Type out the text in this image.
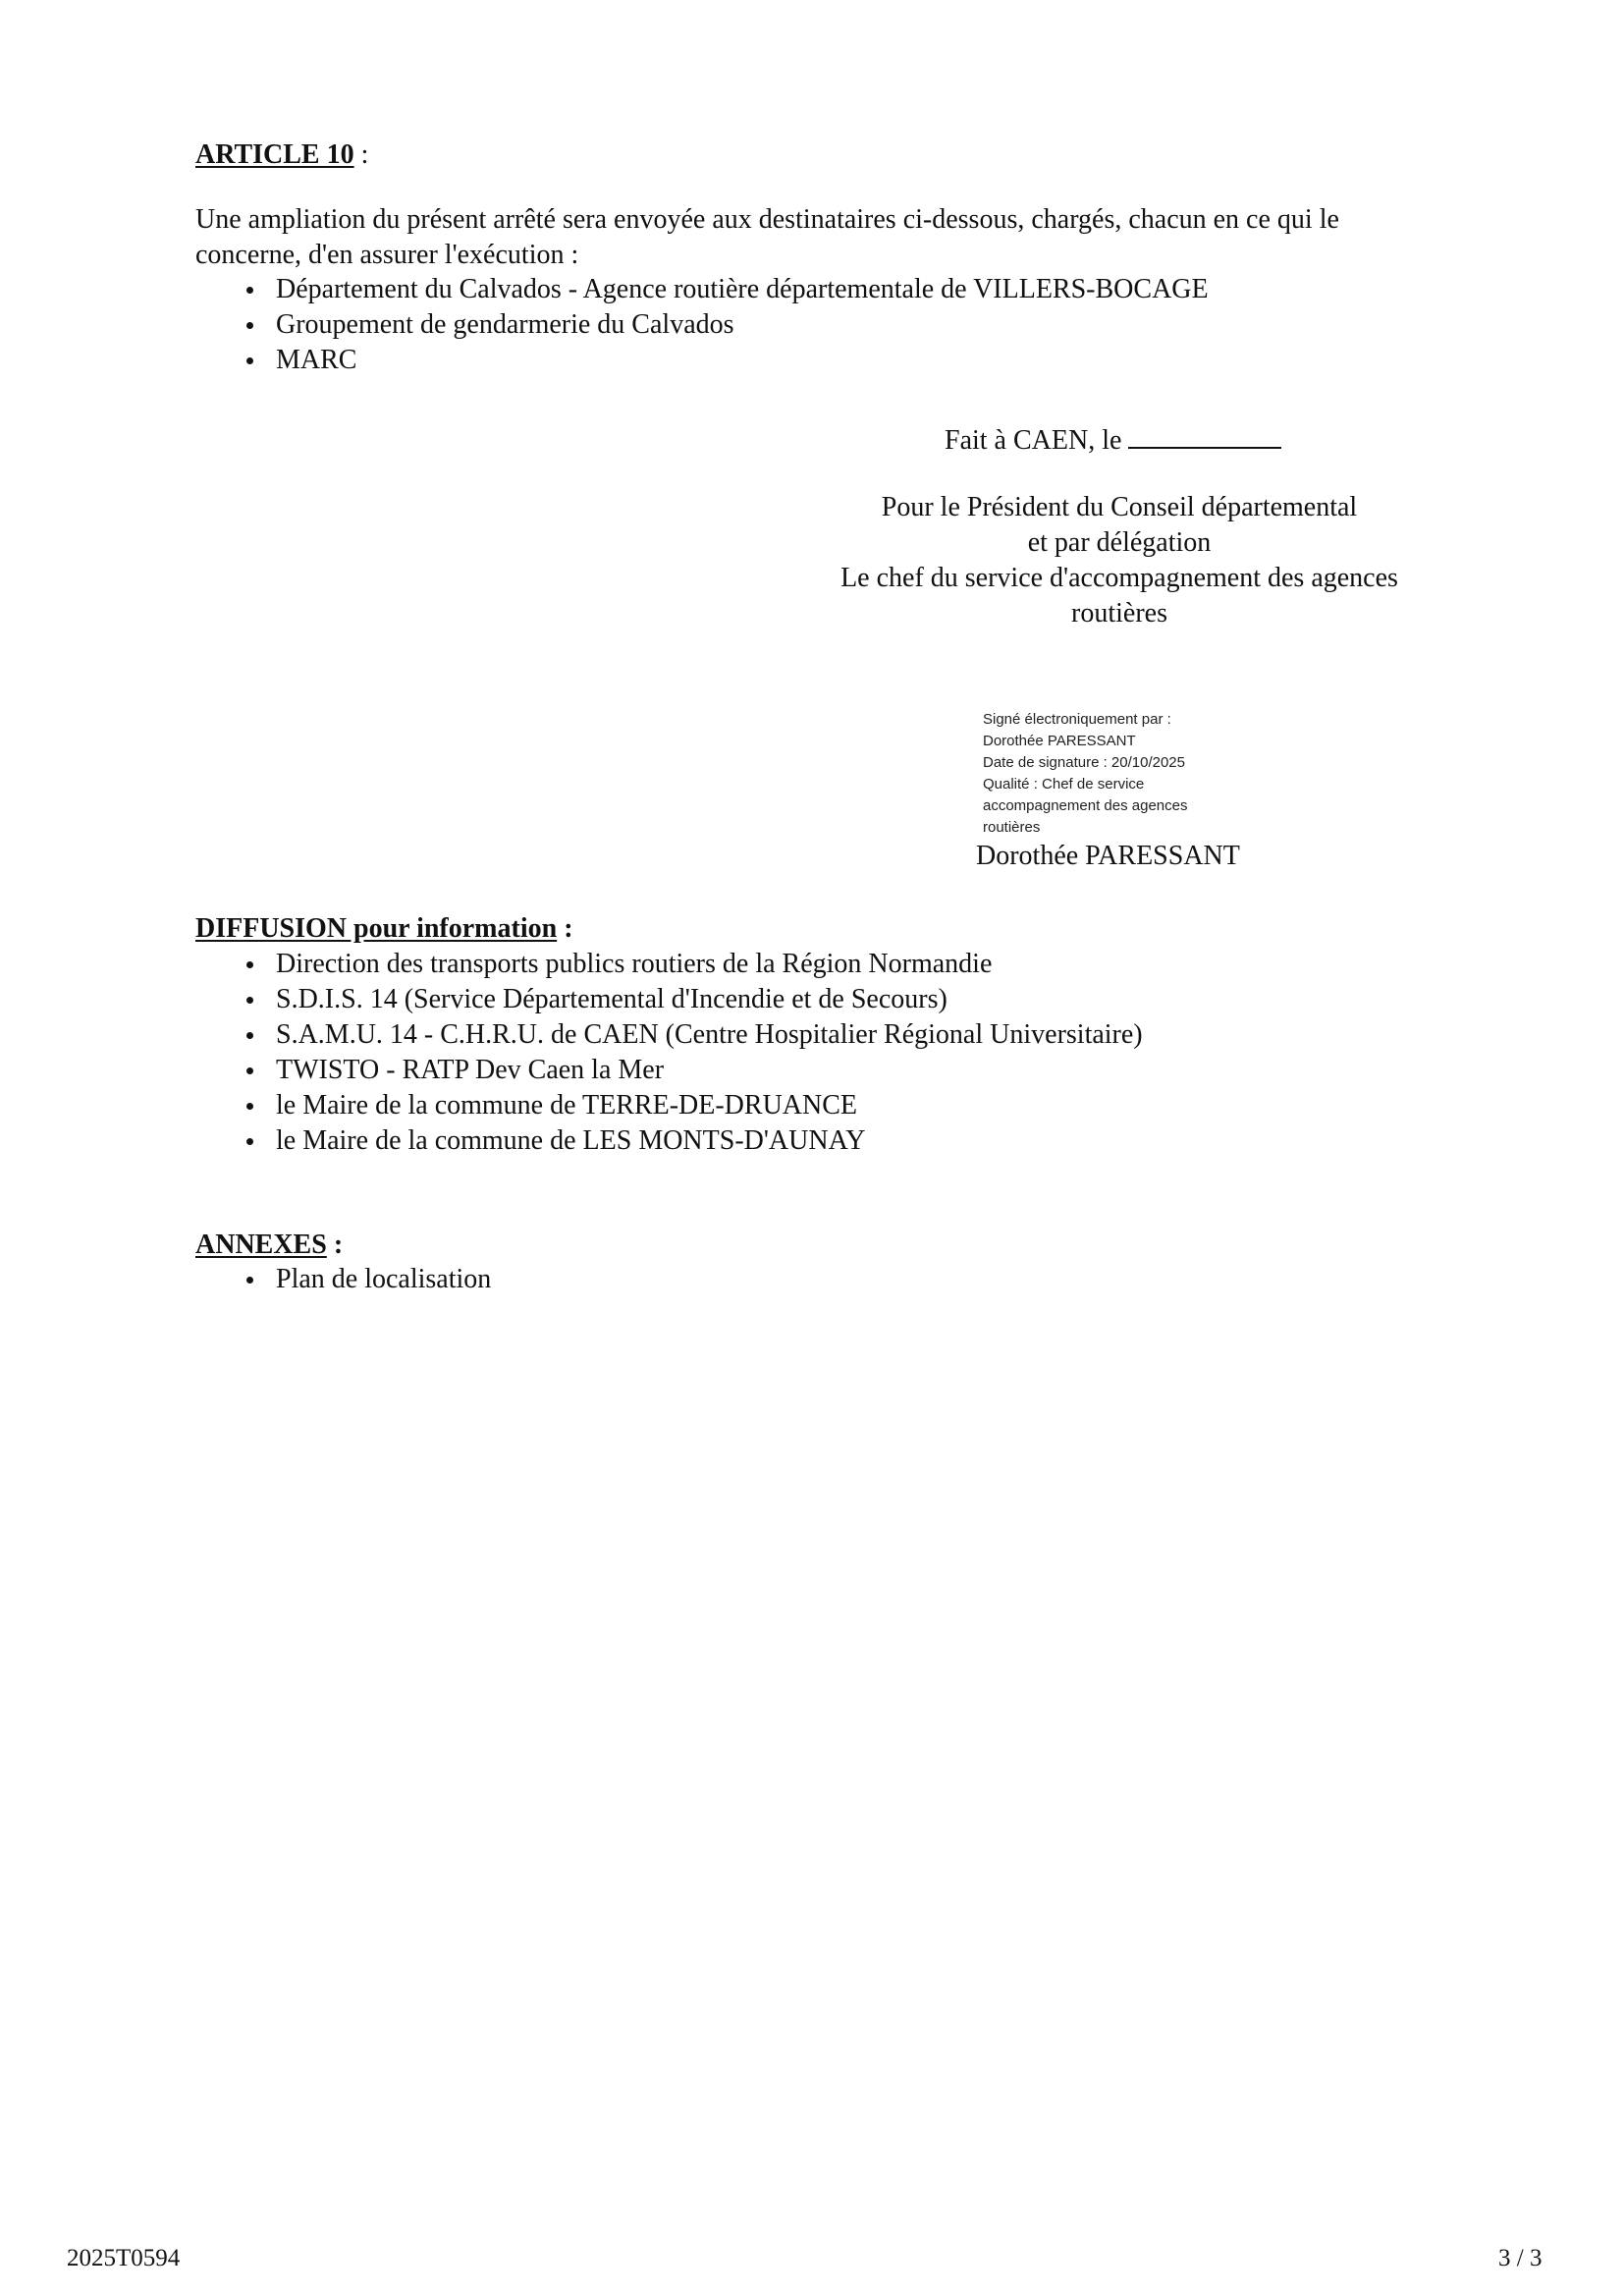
ARTICLE 10 :
Une ampliation du présent arrêté sera envoyée aux destinataires ci-dessous, chargés, chacun en ce qui le
concerne, d'en assurer l'exécution :
Département du Calvados - Agence routière départementale de VILLERS-BOCAGE
Groupement de gendarmerie du Calvados
MARC
Fait à CAEN, le
Pour le Président du Conseil départemental
et par délégation
Le chef du service d'accompagnement des agences
routières
Signé électroniquement par :
Dorothée PARESSANT
Date de signature : 20/10/2025
Qualité : Chef de service
accompagnement des agences
routières
Dorothée PARESSANT
DIFFUSION pour information :
Direction des transports publics routiers de la Région Normandie
S.D.I.S. 14 (Service Départemental d'Incendie et de Secours)
S.A.M.U. 14 - C.H.R.U. de CAEN (Centre Hospitalier Régional Universitaire)
TWISTO - RATP Dev Caen la Mer
le Maire de la commune de TERRE-DE-DRUANCE
le Maire de la commune de LES MONTS-D'AUNAY
ANNEXES :
Plan de localisation
2025T0594	3 / 3
